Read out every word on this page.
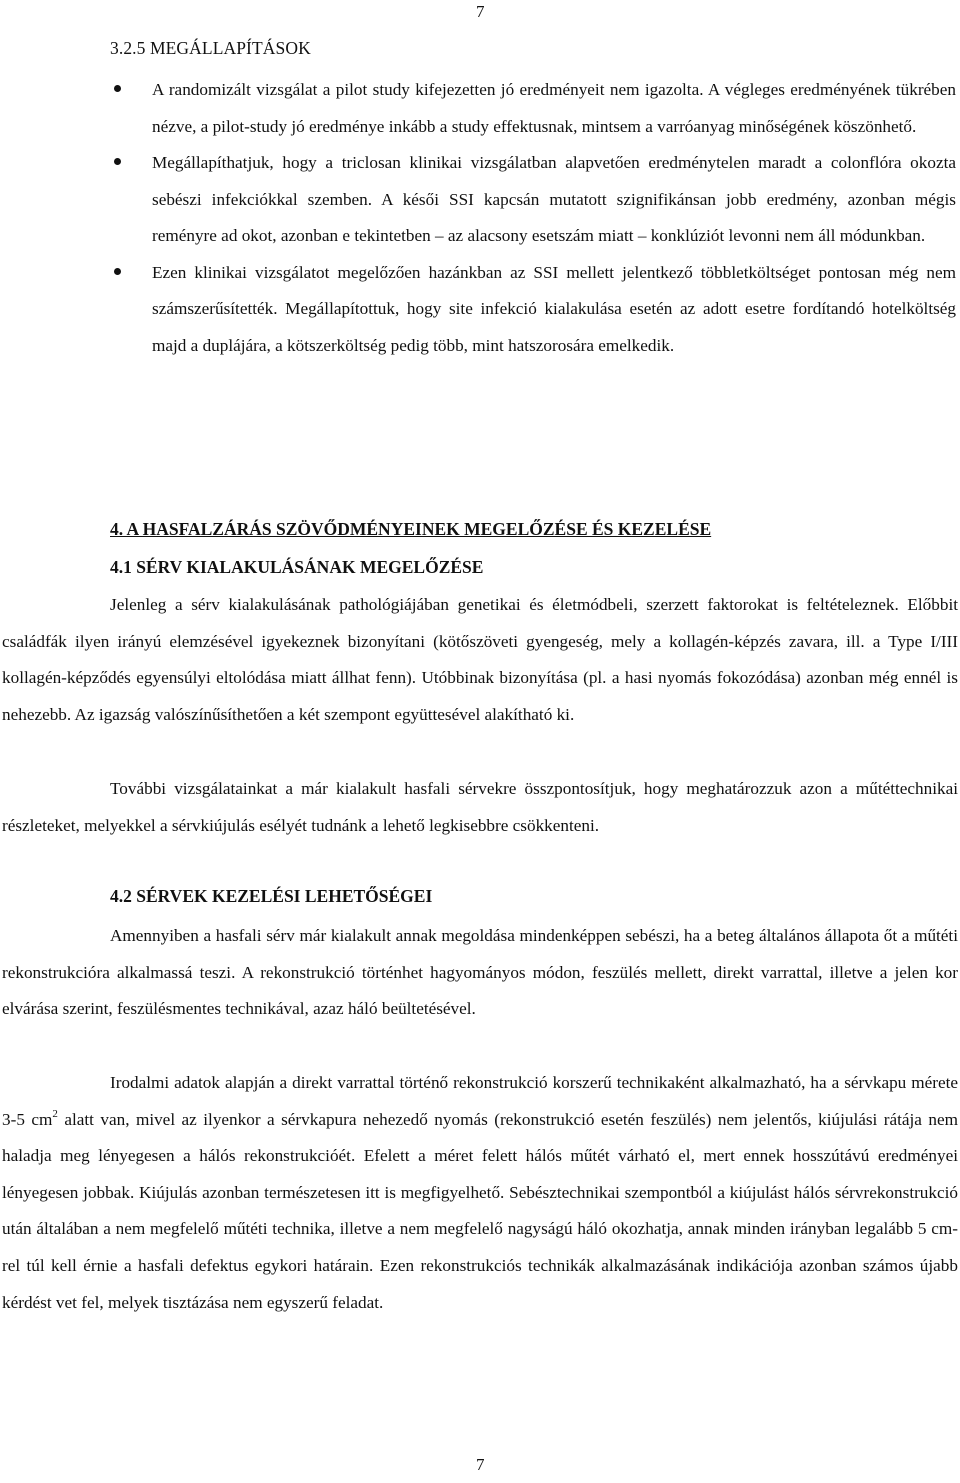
7
3.2.5 MEGÁLLAPÍTÁSOK
A randomizált vizsgálat a pilot study kifejezetten jó eredményeit nem igazolta. A végleges eredményének tükrében nézve, a pilot-study jó eredménye inkább a study effektusnak, mintsem a varróanyag minőségének köszönhető.
Megállapíthatjuk, hogy a triclosan klinikai vizsgálatban alapvetően eredménytelen maradt a colonflóra okozta sebészi infekciókkal szemben. A késői SSI kapcsán mutatott szignifikánsan jobb eredmény, azonban mégis reményre ad okot, azonban e tekintetben – az alacsony esetszám miatt – konklúziót levonni nem áll módunkban.
Ezen klinikai vizsgálatot megelőzően hazánkban az SSI mellett jelentkező többletköltséget pontosan még nem számszerűsítették. Megállapítottuk, hogy site infekció kialakulása esetén az adott esetre fordítandó hotelköltség majd a duplájára, a kötszerköltség pedig több, mint hatszorosára emelkedik.
4. A HASFALZÁRÁS SZÖVŐDMÉNYEINEK MEGELŐZÉSE ÉS KEZELÉSE
4.1 SÉRV KIALAKULÁSÁNAK MEGELŐZÉSE

Jelenleg a sérv kialakulásának pathológiájában genetikai és életmódbeli, szerzett faktorokat is feltételeznek. Előbbit családfák ilyen irányú elemzésével igyekeznek bizonyítani (kötőszöveti gyengeség, mely a kollagén-képzés zavara, ill. a Type I/III kollagén-képződés egyensúlyi eltolódása miatt állhat fenn). Utóbbinak bizonyítása (pl. a hasi nyomás fokozódása) azonban még ennél is nehezebb. Az igazság valószínűsíthetően a két szempont együttesével alakítható ki.

További vizsgálatainkat a már kialakult hasfali sérvekre összpontosítjuk, hogy meghatározzuk azon a műtéttechnikai részleteket, melyekkel a sérvkiújulás esélyét tudnánk a lehető legkisebbre csökkenteni.

4.2 SÉRVEK KEZELÉSI LEHETŐSÉGEI

Amennyiben a hasfali sérv már kialakult annak megoldása mindenképpen sebészi, ha a beteg általános állapota őt a műtéti rekonstrukcióra alkalmassá teszi. A rekonstrukció történhet hagyományos módon, feszülés mellett, direkt varrattal, illetve a jelen kor elvárása szerint, feszülésmentes technikával, azaz háló beültetésével.

Irodalmi adatok alapján a direkt varrattal történő rekonstrukció korszerű technikaként alkalmazható, ha a sérvkapu mérete 3-5 $cm^2$ alatt van, mivel az ilyenkor a sérvkapura nehezedő nyomás (rekonstrukció esetén feszülés) nem jelentős, kiújulási rátája nem haladja meg lényegesen a hálós rekonstrukcióét. Efelett a méret felett hálós műtét várható el, mert ennek hosszútávú eredményei lényegesen jobbak. Kiújulás azonban természetesen itt is megfigyelhető. Sebésztechnikai szempontból a kiújulást hálós sérvrekonstrukció után általában a nem megfelelő műtéti technika, illetve a nem megfelelő nagyságú háló okozhatja, annak minden irányban legalább 5 cm-rel túl kell érnie a hasfali defektus egykori határain. Ezen rekonstrukciós technikák alkalmazásának indikációja azonban számos újabb kérdést vet fel, melyek tisztázása nem egyszerű feladat.

7
